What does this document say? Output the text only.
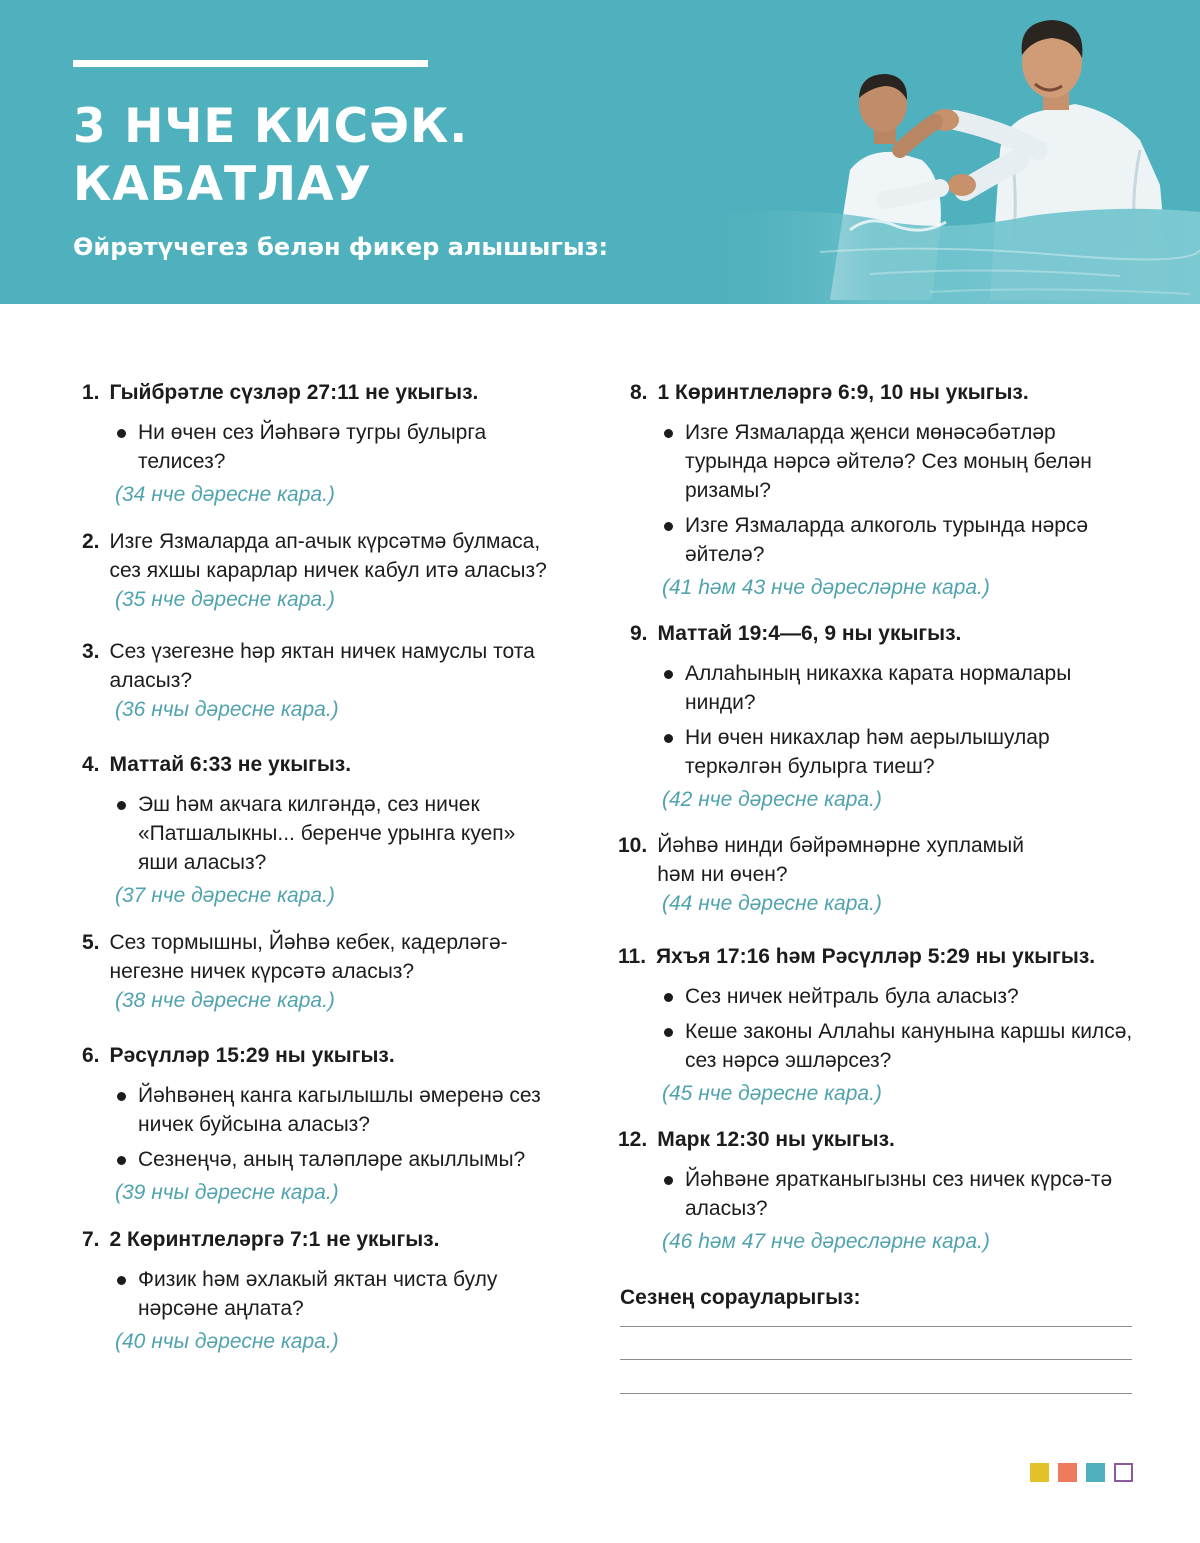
3 НЧЕ КИСӘК.
КАБАТЛАУ
Өйрәтүчегез белән фикер алышыгыз:
1. Гыйбрәтле сүзләр 27:11 не укыгыз.
Ни өчен сез Йәһвәгә тугры булырга телисез?
(34 нче дәресне кара.)
2. Изге Язмаларда ап-ачык күрсәтмә булмаса, сез яхшы карарлар ничек кабул итә аласыз?
(35 нче дәресне кара.)
3. Сез үзегезне һәр яктан ничек намуслы тота аласыз?
(36 нчы дәресне кара.)
4. Маттай 6:33 не укыгыз.
Эш һәм акчага килгәндә, сез ничек «Патшалыкны... беренче урынга куеп» яши аласыз?
(37 нче дәресне кара.)
5. Сез тормышны, Йәһвә кебек, кадерләгә-негезне ничек күрсәтә аласыз?
(38 нче дәресне кара.)
6. Рәсүлләр 15:29 ны укыгыз.
Йәһвәнең канга кагылышлы әмеренә сез ничек буйсына аласыз?
Сезнеңчә, аның таләпләре акыллымы?
(39 нчы дәресне кара.)
7. 2 Көринтлеләргә 7:1 не укыгыз.
Физик һәм әхлакый яктан чиста булу нәрсәне аңлата?
(40 нчы дәресне кара.)
8. 1 Көринтлеләргә 6:9, 10 ны укыгыз.
Изге Язмаларда җенси мөнәсәбәтләр турында нәрсә әйтелә? Сез моның белән ризамы?
Изге Язмаларда алкоголь турында нәрсә әйтелә?
(41 һәм 43 нче дәресләрне кара.)
9. Маттай 19:4—6, 9 ны укыгыз.
Аллаһының никахка карата нормалары нинди?
Ни өчен никахлар һәм аерылышулар теркәлгән булырга тиеш?
(42 нче дәресне кара.)
10. Йәһвә нинди бәйрәмнәрне хупламый һәм ни өчен?
(44 нче дәресне кара.)
11. Яхъя 17:16 һәм Рәсүлләр 5:29 ны укыгыз.
Сез ничек нейтраль була аласыз?
Кеше законы Аллаһы канунына каршы килсә, сез нәрсә эшләрсез?
(45 нче дәресне кара.)
12. Марк 12:30 ны укыгыз.
Йәһвәне яратканыгызны сез ничек күрсә-тә аласыз?
(46 һәм 47 нче дәресләрне кара.)
Сезнең сорауларыгыз:
